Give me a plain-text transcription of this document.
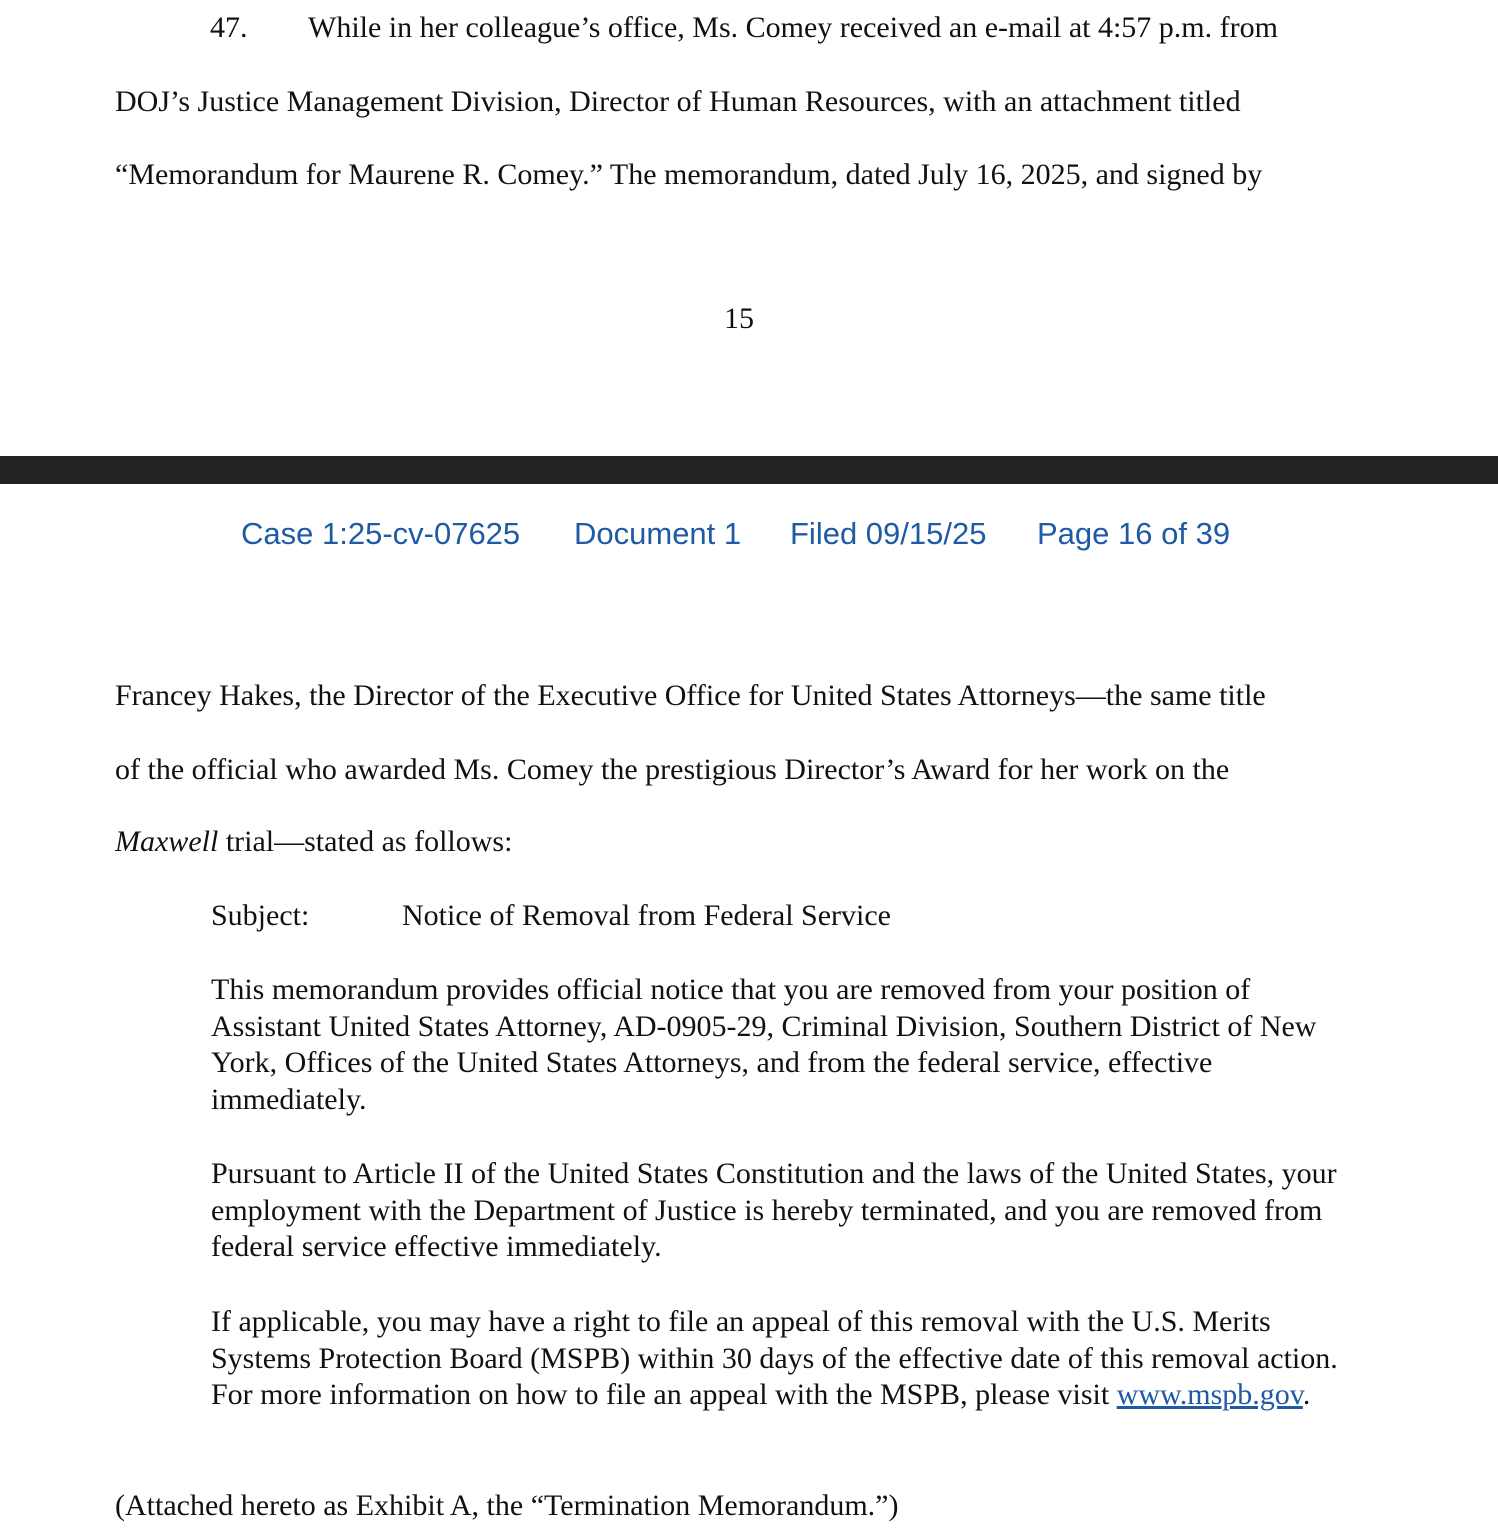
47. While in her colleague’s office, Ms. Comey received an e-mail at 4:57 p.m. from
DOJ’s Justice Management Division, Director of Human Resources, with an attachment titled
“Memorandum for Maurene R. Comey.” The memorandum, dated July 16, 2025, and signed by
15
Case 1:25-cv-07625 Document 1 Filed 09/15/25 Page 16 of 39
Francey Hakes, the Director of the Executive Office for United States Attorneys—the same title
of the official who awarded Ms. Comey the prestigious Director’s Award for her work on the
Maxwell trial—stated as follows:
Subject:	Notice of Removal from Federal Service
This memorandum provides official notice that you are removed from your position of Assistant United States Attorney, AD-0905-29, Criminal Division, Southern District of New York, Offices of the United States Attorneys, and from the federal service, effective immediately.
Pursuant to Article II of the United States Constitution and the laws of the United States, your employment with the Department of Justice is hereby terminated, and you are removed from federal service effective immediately.
If applicable, you may have a right to file an appeal of this removal with the U.S. Merits Systems Protection Board (MSPB) within 30 days of the effective date of this removal action. For more information on how to file an appeal with the MSPB, please visit www.mspb.gov.
(Attached hereto as Exhibit A, the “Termination Memorandum.”)
